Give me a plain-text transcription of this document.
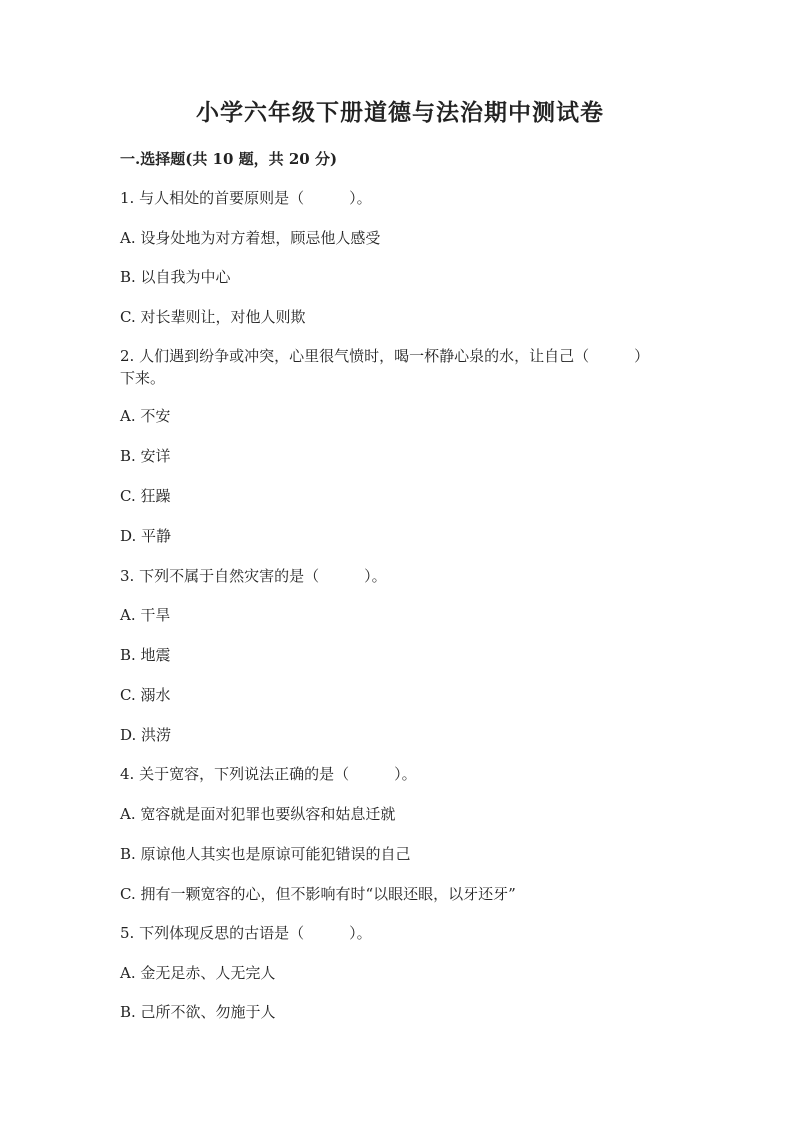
小学六年级下册道德与法治期中测试卷
一.选择题(共 10 题，共 20 分)
1. 与人相处的首要原则是（　　　）。
A. 设身处地为对方着想，顾忌他人感受
B. 以自我为中心
C. 对长辈则让，对他人则欺
2. 人们遇到纷争或冲突，心里很气愤时，喝一杯静心泉的水，让自己（　　　）
下来。
A. 不安
B. 安详
C. 狂躁
D. 平静
3. 下列不属于自然灾害的是（　　　）。
A. 干旱
B. 地震
C. 溺水
D. 洪涝
4. 关于宽容，下列说法正确的是（　　　）。
A. 宽容就是面对犯罪也要纵容和姑息迁就
B. 原谅他人其实也是原谅可能犯错误的自己
C. 拥有一颗宽容的心，但不影响有时“以眼还眼，以牙还牙”
5. 下列体现反思的古语是（　　　）。
A. 金无足赤、人无完人
B. 己所不欲、勿施于人
